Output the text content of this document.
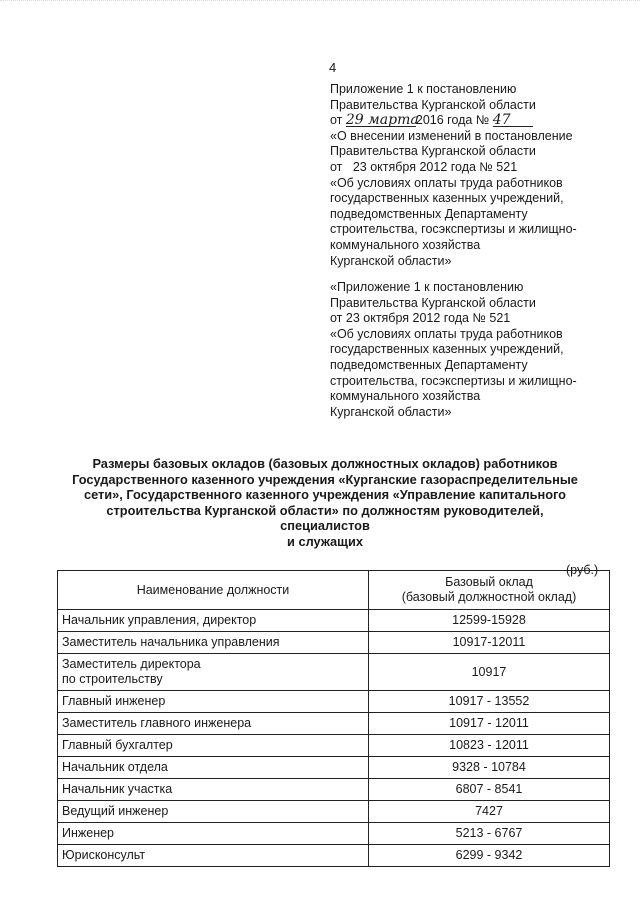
4
Приложение 1 к постановлению
Правительства Курганской области
от 29 марта2016 года № 47
«О внесении изменений в постановление
Правительства Курганской области
от   23 октября 2012 года № 521
«Об условиях оплаты труда работников
государственных казенных учреждений,
подведомственных Департаменту
строительства, госэкспертизы и жилищно-
коммунального хозяйства
Курганской области»
«Приложение 1 к постановлению
Правительства Курганской области
от 23 октября 2012 года № 521
«Об условиях оплаты труда работников
государственных казенных учреждений,
подведомственных Департаменту
строительства, госэкспертизы и жилищно-
коммунального хозяйства
Курганской области»
Размеры базовых окладов (базовых должностных окладов) работников
Государственного казенного учреждения «Курганские газораспределительные
сети», Государственного казенного учреждения «Управление капитального
строительства Курганской области» по должностям руководителей, специалистов
и служащих
(руб.)
Наименование должности	Базовый оклад
(базовый должностной оклад)

Начальник управления, директор	12599-15928
Заместитель начальника управления	10917-12011

Заместитель директора
по строительству	10917
Главный инженер	10917 - 13552
Заместитель главного инженера	10917 - 12011
Главный бухгалтер	10823 - 12011
Начальник отдела	9328 - 10784
Начальник участка	6807 - 8541
Ведущий инженер	7427
Инженер	5213 - 6767
Юрисконсульт	6299 - 9342
